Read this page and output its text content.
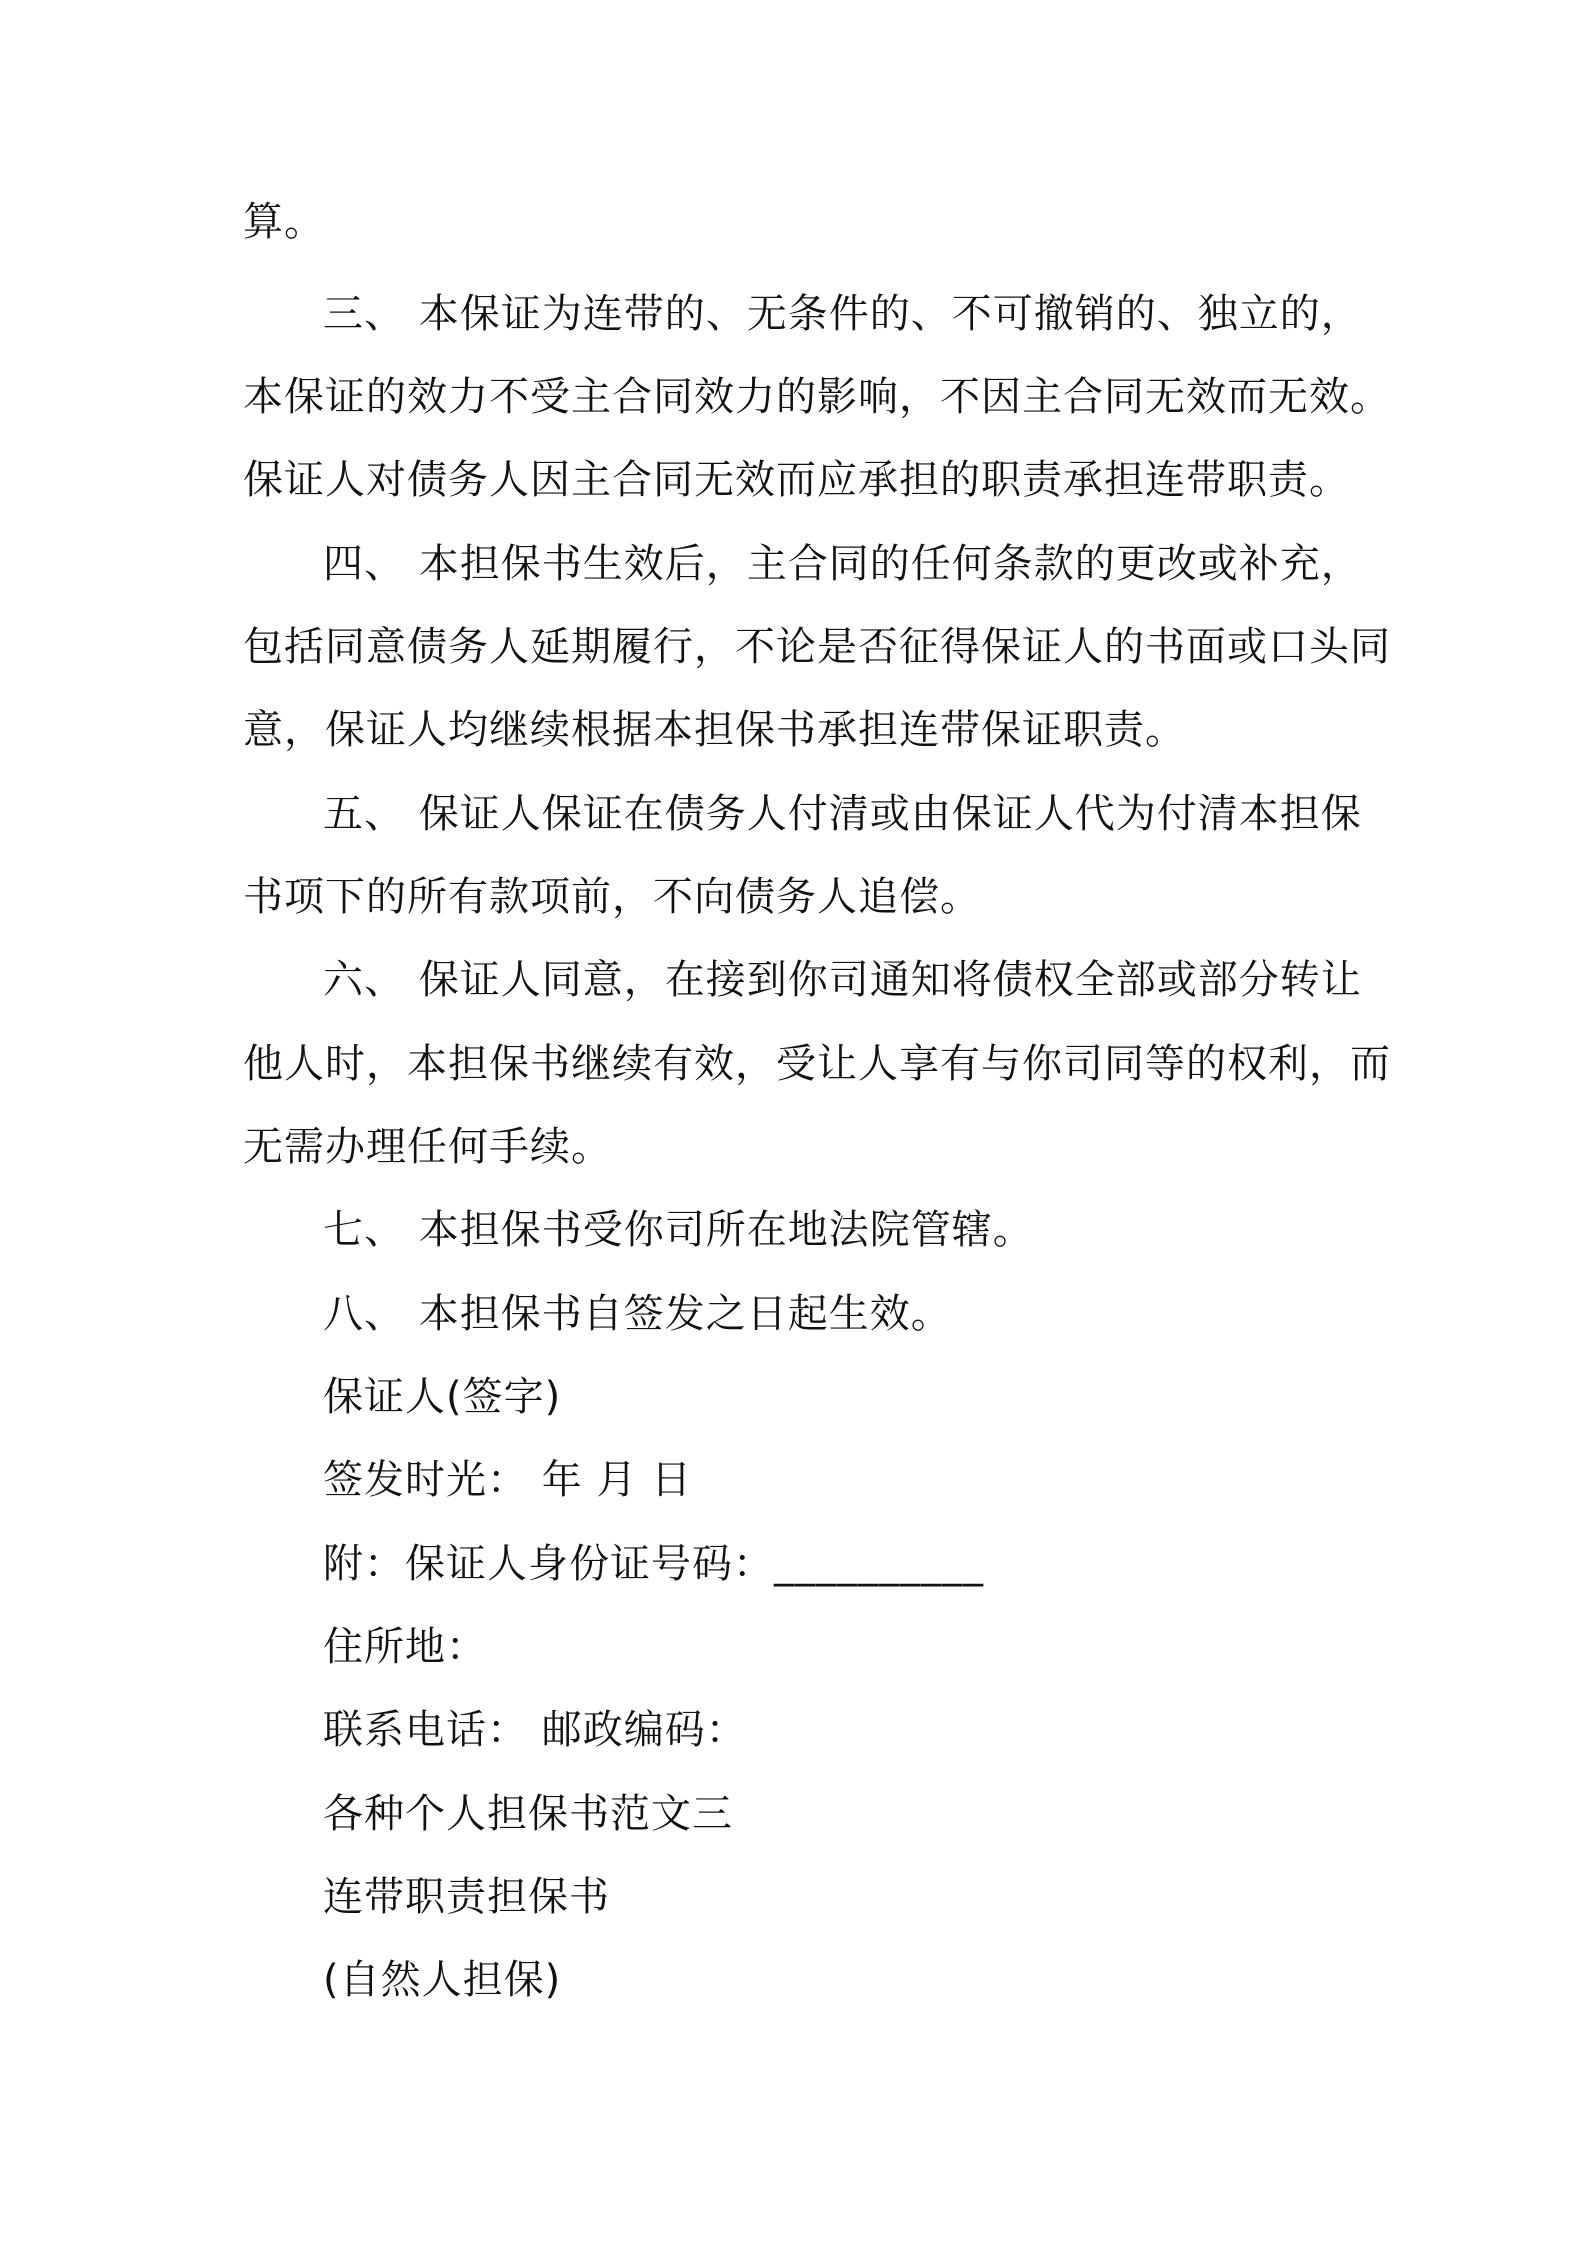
算。
三、 本保证为连带的、无条件的、不可撤销的、独立的，
本保证的效力不受主合同效力的影响，不因主合同无效而无效。
保证人对债务人因主合同无效而应承担的职责承担连带职责。
四、 本担保书生效后，主合同的任何条款的更改或补充，
包括同意债务人延期履行，不论是否征得保证人的书面或口头同
意，保证人均继续根据本担保书承担连带保证职责。
五、 保证人保证在债务人付清或由保证人代为付清本担保
书项下的所有款项前，不向债务人追偿。
六、 保证人同意，在接到你司通知将债权全部或部分转让
他人时，本担保书继续有效，受让人享有与你司同等的权利，而
无需办理任何手续。
七、 本担保书受你司所在地法院管辖。
八、 本担保书自签发之日起生效。
保证人(签字)
签发时光： 年 月 日
附：保证人身份证号码：__________
住所地：
联系电话： 邮政编码：
各种个人担保书范文三
连带职责担保书
(自然人担保)
